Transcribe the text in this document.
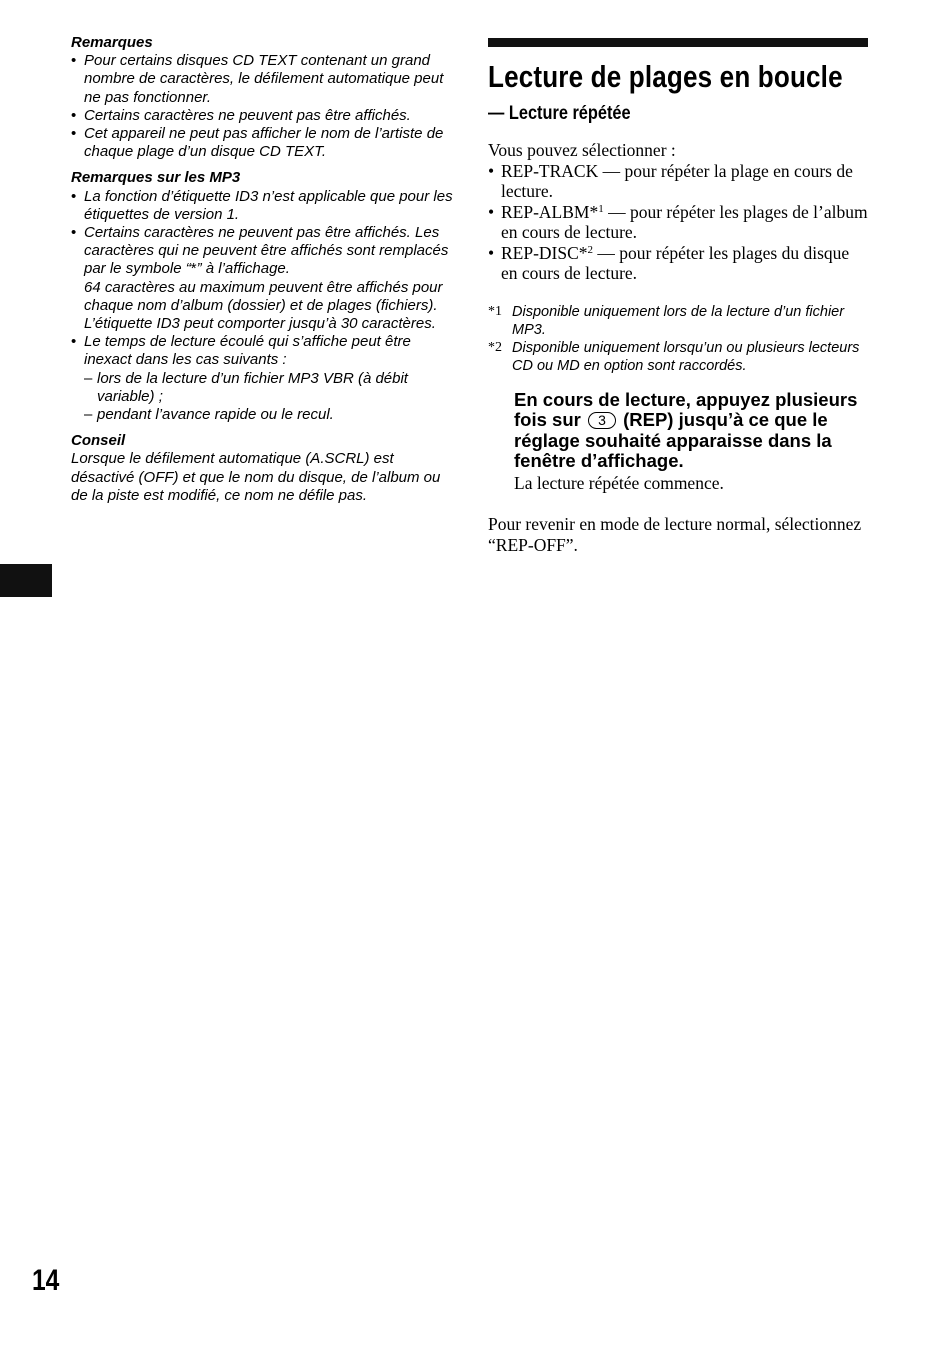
Remarques

• Pour certains disques CD TEXT contenant un grand nombre de caractères, le défilement automatique peut ne pas fonctionner.
• Certains caractères ne peuvent pas être affichés.
• Cet appareil ne peut pas afficher le nom de l’artiste de chaque plage d’un disque CD TEXT.

Remarques sur les MP3

• La fonction d’étiquette ID3 n’est applicable que pour les étiquettes de version 1.
• Certains caractères ne peuvent pas être affichés. Les caractères qui ne peuvent être affichés sont remplacés par le symbole “*” à l’affichage.
64 caractères au maximum peuvent être affichés pour chaque nom d’album (dossier) et de plages (fichiers). L’étiquette ID3 peut comporter jusqu’à 30 caractères.
• Le temps de lecture écoulé qui s’affiche peut être inexact dans les cas suivants :
– lors de la lecture d’un fichier MP3 VBR (à débit variable) ;
– pendant l’avance rapide ou le recul.

Conseil

Lorsque le défilement automatique (A.SCRL) est désactivé (OFF) et que le nom du disque, de l’album ou de la piste est modifié, ce nom ne défile pas.

Lecture de plages en boucle
— Lecture répétée

Vous pouvez sélectionner :

• REP-TRACK — pour répéter la plage en cours de lecture.
• REP-ALBM*$^1$ — pour répéter les plages de l’album en cours de lecture.
• REP-DISC*$^2$ — pour répéter les plages du disque en cours de lecture.
*1 Disponible uniquement lors de la lecture d’un fichier MP3.
*2 Disponible uniquement lorsqu’un ou plusieurs lecteurs CD ou MD en option sont raccordés.
En cours de lecture, appuyez plusieurs fois sur 3 (REP) jusqu’à ce que le réglage souhaité apparaisse dans la fenêtre d’affichage.
La lecture répétée commence.

Pour revenir en mode de lecture normal, sélectionnez “REP-OFF”.

14
